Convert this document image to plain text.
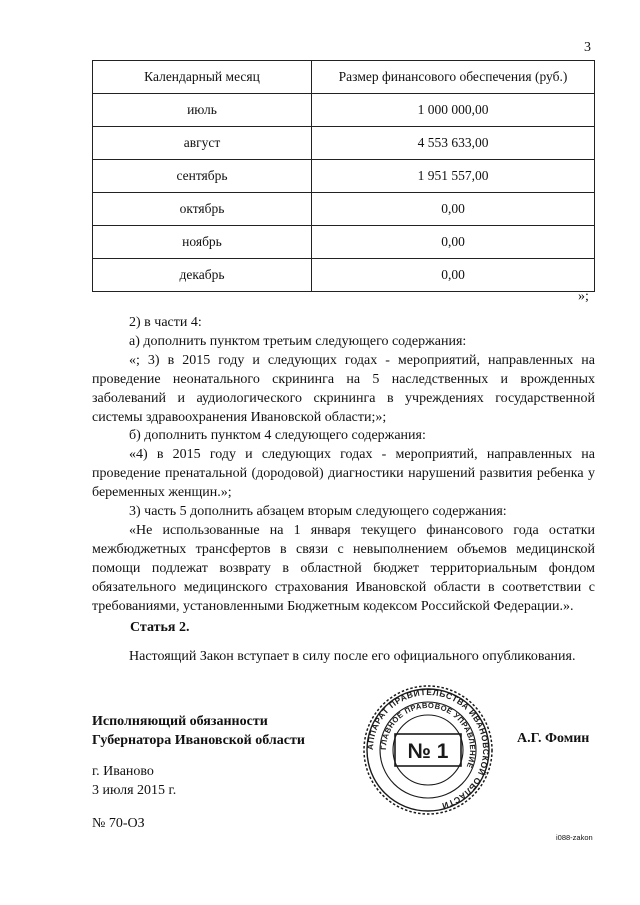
3
Календарный месяц	Размер финансового обеспечения (руб.)
июль	1 000 000,00
август	4 553 633,00
сентябрь	1 951 557,00
октябрь	0,00
ноябрь	0,00
декабрь	0,00
»;

2) в части 4:

а) дополнить пунктом третьим следующего содержания:

«; 3) в 2015 году и следующих годах - мероприятий, направленных на проведение неонатального скрининга на 5 наследственных и врожденных заболеваний и аудиологического скрининга в учреждениях государственной системы здравоохранения Ивановской области;»;

б) дополнить пунктом 4 следующего содержания:

«4) в 2015 году и следующих годах - мероприятий, направленных на проведение пренатальной (дородовой) диагностики нарушений развития ребенка у беременных женщин.»;

3) часть 5 дополнить абзацем вторым следующего содержания:

«Не использованные на 1 января текущего финансового года остатки межбюджетных трансфертов в связи с невыполнением объемов медицинской помощи подлежат возврату в областной бюджет территориальным фондом обязательного медицинского страхования Ивановской области в соответствии с требованиями, установленными Бюджетным кодексом Российской Федерации.».

Статья 2.

Настоящий Закон вступает в силу после его официального опубликования.

Исполняющий обязанности
Губернатора Ивановской области	АППАРАТ ПРАВИТЕЛЬСТВА ИВАНОВСКОЙ ОБЛАСТИ
ГЛАВНОЕ ПРАВОВОЕ УПРАВЛЕНИЕ
№ 1
А.Г. Фомин
г. Иваново
3 июля 2015 г.
№ 70-ОЗ
i088-zakon
